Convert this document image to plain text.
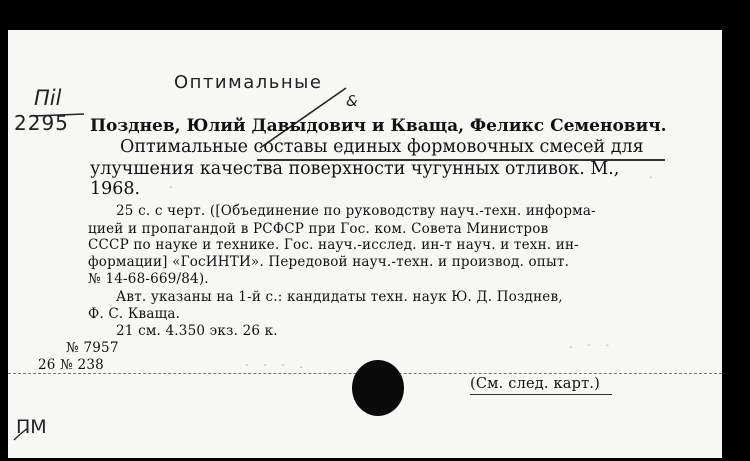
Оптимальные
&
Пil
ПМ
2295 Позднев, Юлий Давыдович и Кваща, Феликс Семенович.
Оптимальные составы единых формовочных смесей для
улучшения качества поверхности чугунных отливок. М.,
1968.
25 с. с черт. ([Объединение по руководству науч.-техн. информа-
цией и пропагандой в РСФСР при Гос. ком. Совета Министров
СССР по науке и технике. Гос. науч.-исслед. ин-т науч. и техн. ин-
формации] «ГосИНТИ». Передовой науч.-техн. и производ. опыт.
№ 14-68-669/84).
Авт. указаны на 1-й с.: кандидаты техн. наук Ю. Д. Позднев,
Ф. С. Кваща.
21 см. 4.350 экз. 26 к.
№ 7957
26 № 238
(См. след. карт.)
- - - .
. - -
.
.
